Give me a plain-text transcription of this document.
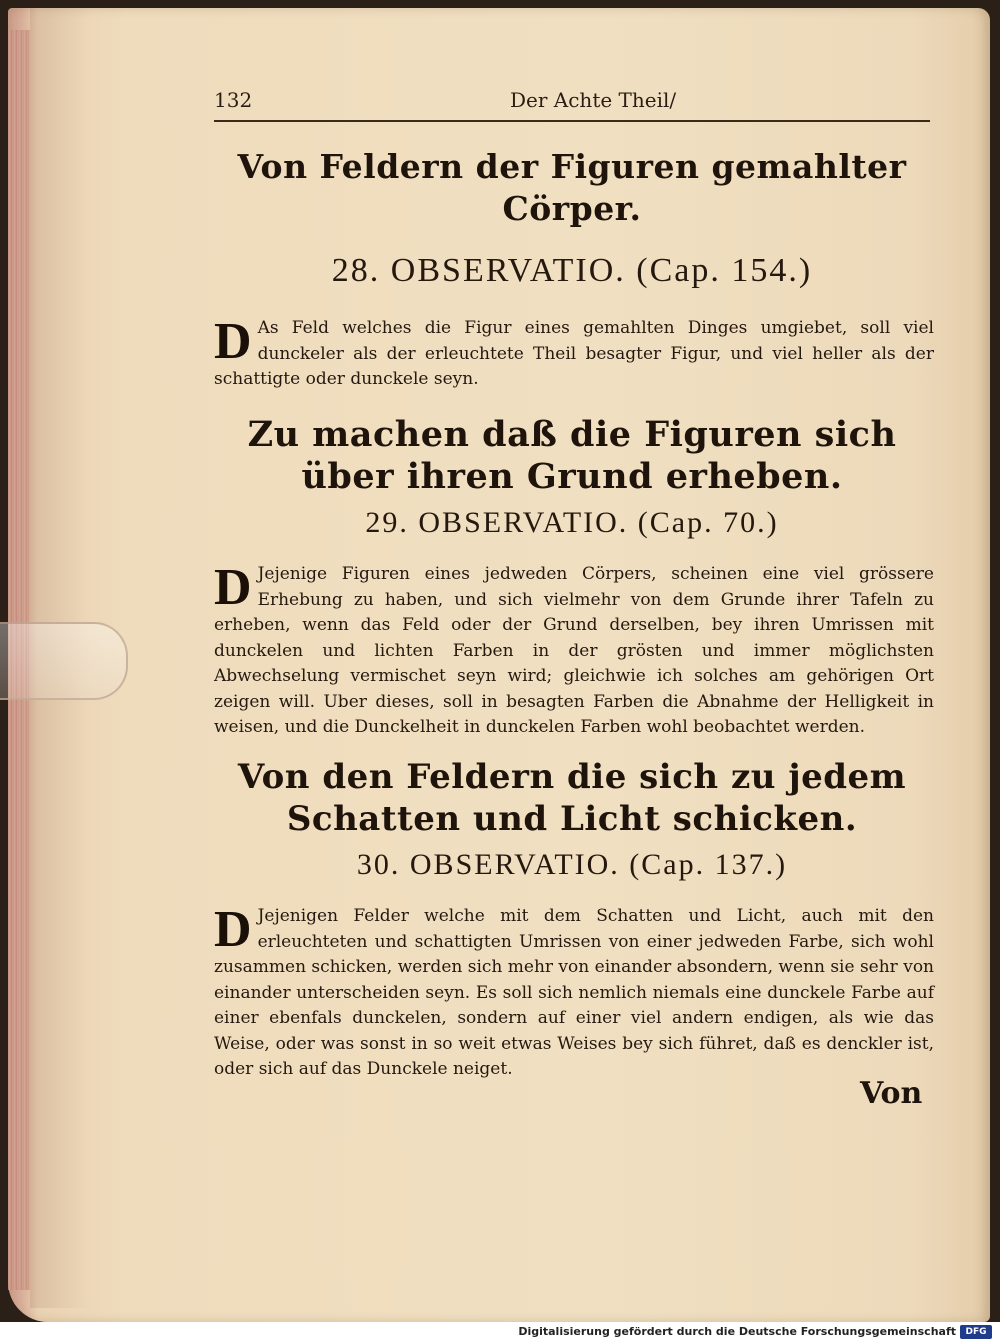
132	Der Achte Theil/
Von Feldern der Figuren gemahlter Cörper.
28. OBSERVATIO. (Cap. 154.)
D As Feld welches die Figur eines gemahlten Dinges umgiebet, soll viel dunckeler als der erleuchtete Theil besagter Figur, und viel heller als der schattigte oder dunckele seyn.
Zu machen daß die Figuren sich über ihren Grund erheben.
29. OBSERVATIO. (Cap. 70.)
D Jejenige Figuren eines jedweden Cörpers, scheinen eine viel grössere Erhebung zu haben, und sich vielmehr von dem Grunde ihrer Tafeln zu erheben, wenn das Feld oder der Grund derselben, bey ihren Umrissen mit dunckelen und lichten Farben in der grösten und immer möglichsten Abwechselung vermischet seyn wird; gleichwie ich solches am gehörigen Ort zeigen will. Uber dieses, soll in besagten Farben die Abnahme der Helligkeit in weisen, und die Dunckelheit in dunckelen Farben wohl beobachtet werden.
Von den Feldern die sich zu jedem Schatten und Licht schicken.
30. OBSERVATIO. (Cap. 137.)
D Jejenigen Felder welche mit dem Schatten und Licht, auch mit den erleuchteten und schattigten Umrissen von einer jedweden Farbe, sich wohl zusammen schicken, werden sich mehr von einander absondern, wenn sie sehr von einander unterscheiden seyn. Es soll sich nemlich niemals eine dunckele Farbe auf einer ebenfals dunckelen, sondern auf einer viel andern endigen, als wie das Weise, oder was sonst in so weit etwas Weises bey sich führet, daß es denckler ist, oder sich auf das Dunckele neiget.
Von
Digitalisierung gefördert durch die Deutsche Forschungsgemeinschaft	DFG
